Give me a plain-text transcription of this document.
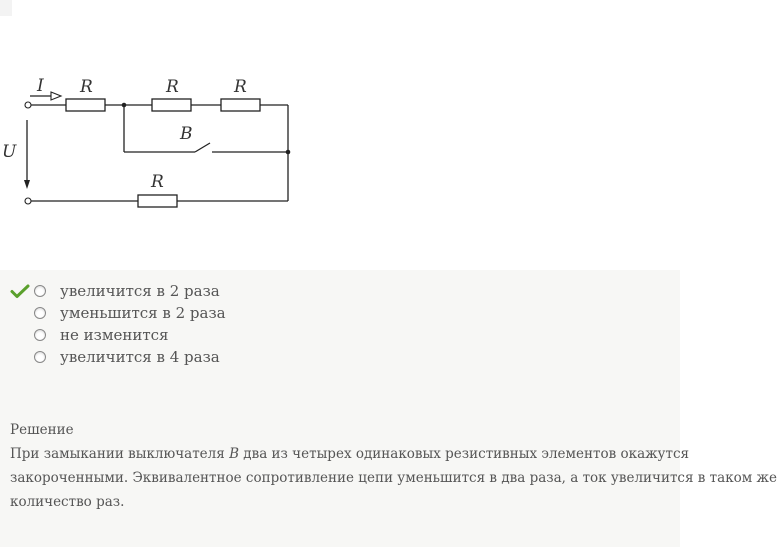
I
U
R	R	R
B
R
увеличится в 2 раза
уменьшится в 2 раза
не изменится
увеличится в 4 раза
Решение
При замыкании выключателя B два из четырех одинаковых резистивных элементов окажутся
закороченными. Эквивалентное сопротивление цепи уменьшится в два раза, а ток увеличится в таком же
количество раз.
